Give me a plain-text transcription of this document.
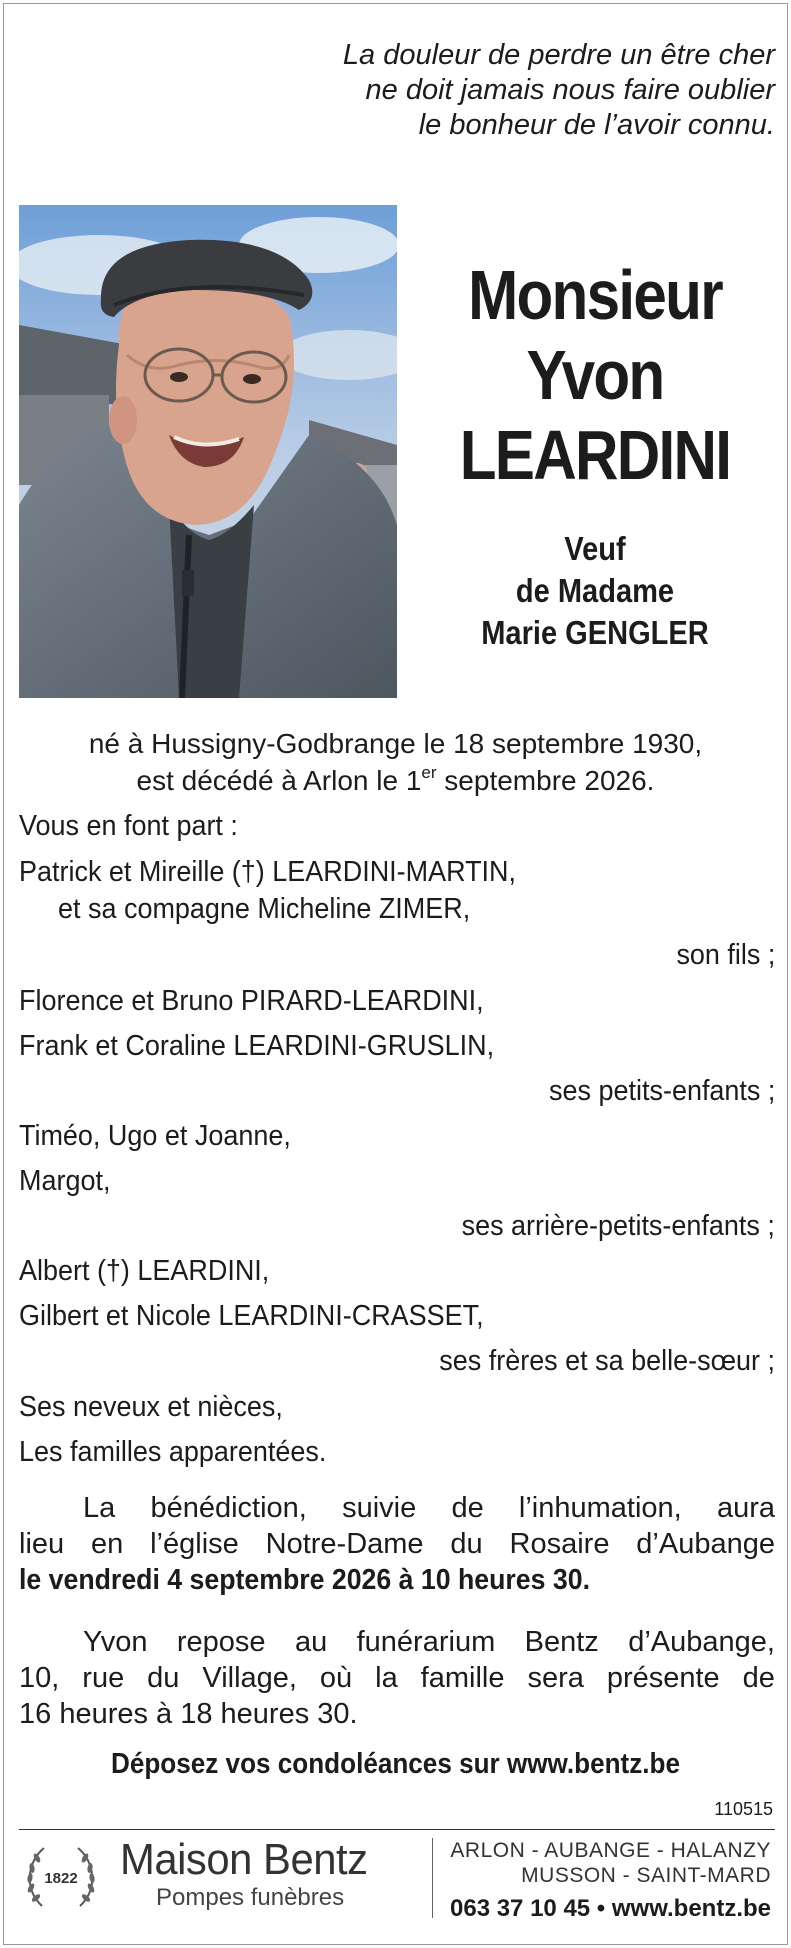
La douleur de perdre un être cher
ne doit jamais nous faire oublier
le bonheur de l’avoir connu.
Monsieur
Yvon
LEARDINI
Veuf
de Madame
Marie GENGLER
né à Hussigny-Godbrange le 18 septembre 1930,
est décédé à Arlon le 1er septembre 2026.
Vous en font part :
Patrick et Mireille (†) LEARDINI-MARTIN,
et sa compagne Micheline ZIMER,
son fils ;
Florence et Bruno PIRARD-LEARDINI,
Frank et Coraline LEARDINI-GRUSLIN,
ses petits-enfants ;
Timéo, Ugo et Joanne,
Margot,
ses arrière-petits-enfants ;
Albert (†) LEARDINI,
Gilbert et Nicole LEARDINI-CRASSET,
ses frères et sa belle-sœur ;
Ses neveux et nièces,
Les familles apparentées.
La bénédiction, suivie de l’inhumation, aura
lieu en l’église Notre-Dame du Rosaire d’Aubange
le vendredi 4 septembre 2026 à 10 heures 30.
Yvon repose au funérarium Bentz d’Aubange,
10, rue du Village, où la famille sera présente de
16 heures à 18 heures 30.
Déposez vos condoléances sur www.bentz.be
110515
1822 Maison Bentz
Pompes funèbres
ARLON - AUBANGE - HALANZY
MUSSON - SAINT-MARD
063 37 10 45 • www.bentz.be
